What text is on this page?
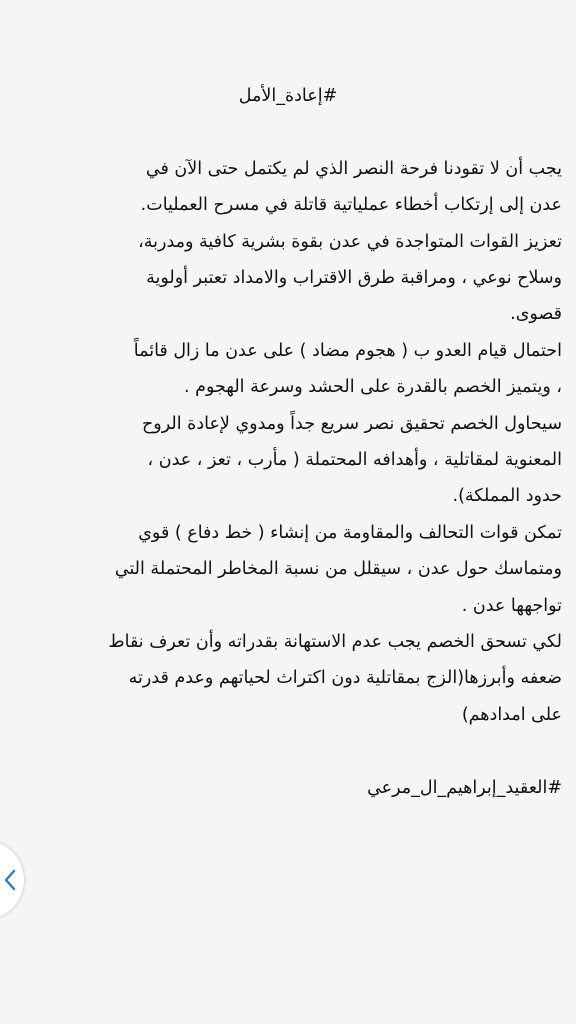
#إعادة_الأمل
يجب أن لا تقودنا فرحة النصر الذي لم يكتمل حتى الآن في
عدن إلى إرتكاب أخطاء عملياتية قاتلة في مسرح العمليات.
تعزيز القوات المتواجدة في عدن بقوة بشرية كافية ومدربة،
وسلاح نوعي ، ومراقبة طرق الاقتراب والامداد تعتبر أولوية
قصوى.
احتمال قيام العدو ب ( هجوم مضاد ) على عدن ما زال قائماً
، ويتميز الخصم بالقدرة على الحشد وسرعة الهجوم .
سيحاول الخصم تحقيق نصر سريع جداً ومدوي لإعادة الروح
المعنوية لمقاتلية ، وأهدافه المحتملة ( مأرب ، تعز ، عدن ،
حدود المملكة).
تمكن قوات التحالف والمقاومة من إنشاء ( خط دفاع ) قوي
ومتماسك حول عدن ، سيقلل من نسبة المخاطر المحتملة التي
تواجهها عدن .
لكي تسحق الخصم يجب عدم الاستهانة بقدراته وأن تعرف نقاط
ضعفه وأبرزها(الزج بمقاتلية دون اكتراث لحياتهم وعدم قدرته
على امدادهم)
#العقيد_إبراهيم_ال_مرعي
